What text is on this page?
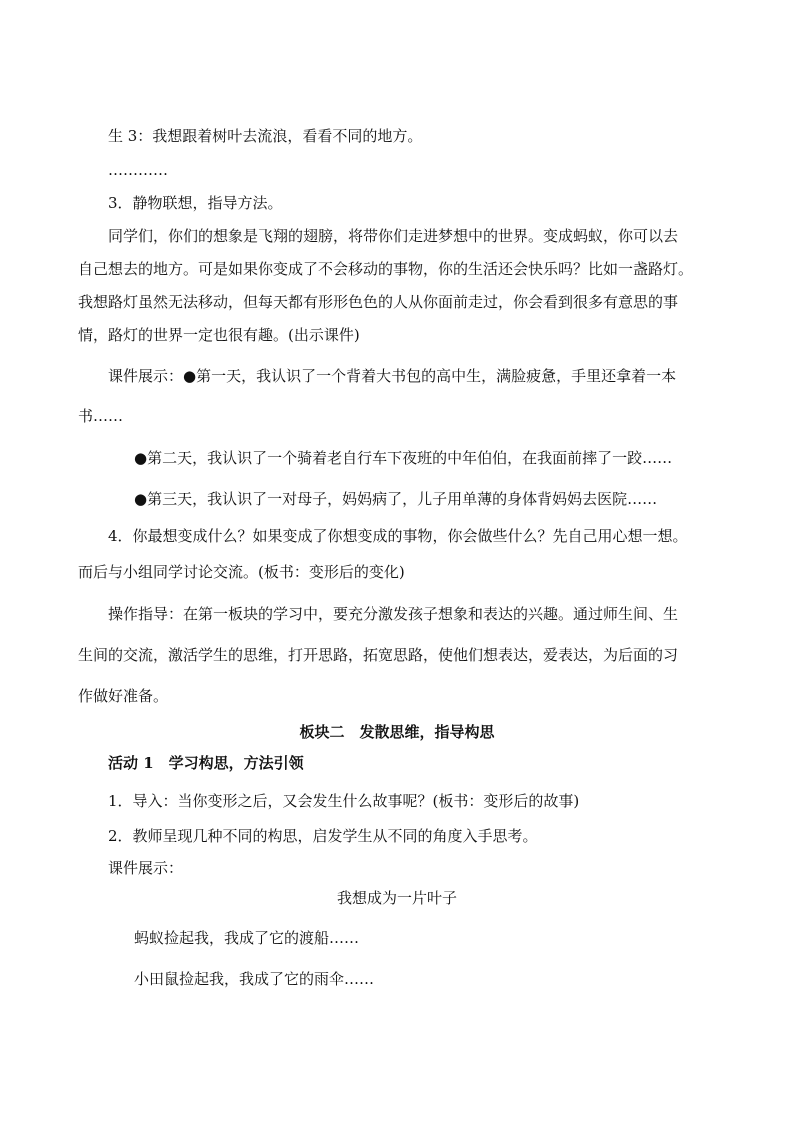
生 3：我想跟着树叶去流浪，看看不同的地方。
…………
3．静物联想，指导方法。
同学们，你们的想象是飞翔的翅膀，将带你们走进梦想中的世界。变成蚂蚁，你可以去
自己想去的地方。可是如果你变成了不会移动的事物，你的生活还会快乐吗？比如一盏路灯。
我想路灯虽然无法移动，但每天都有形形色色的人从你面前走过，你会看到很多有意思的事
情，路灯的世界一定也很有趣。(出示课件)
课件展示：●第一天，我认识了一个背着大书包的高中生，满脸疲惫，手里还拿着一本
书……
●第二天，我认识了一个骑着老自行车下夜班的中年伯伯，在我面前摔了一跤……
●第三天，我认识了一对母子，妈妈病了，儿子用单薄的身体背妈妈去医院……
4．你最想变成什么？如果变成了你想变成的事物，你会做些什么？先自己用心想一想。
而后与小组同学讨论交流。(板书：变形后的变化)
操作指导：在第一板块的学习中，要充分激发孩子想象和表达的兴趣。通过师生间、生
生间的交流，激活学生的思维，打开思路，拓宽思路，使他们想表达，爱表达，为后面的习
作做好准备。
板块二　发散思维，指导构思
活动 1　学习构思，方法引领
1．导入：当你变形之后，又会发生什么故事呢？(板书：变形后的故事)
2．教师呈现几种不同的构思，启发学生从不同的角度入手思考。
课件展示：
我想成为一片叶子
蚂蚁捡起我，我成了它的渡船……
小田鼠捡起我，我成了它的雨伞……
